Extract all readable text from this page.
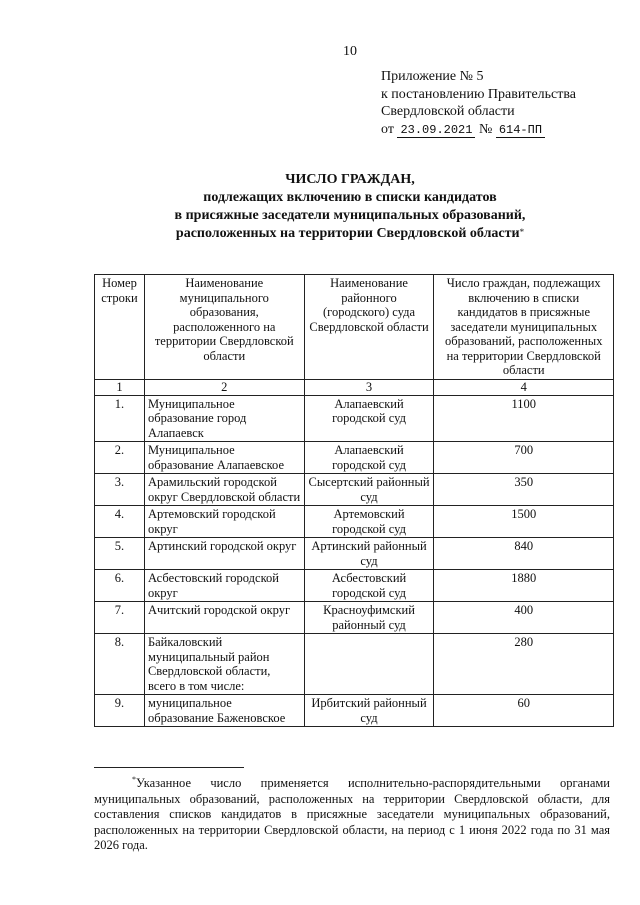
10
Приложение № 5
к постановлению Правительства
Свердловской области
от 23.09.2021 № 614-ПП
ЧИСЛО ГРАЖДАН,
подлежащих включению в списки кандидатов
в присяжные заседатели муниципальных образований,
расположенных на территории Свердловской области*
Номер строки	Наименование муниципального образования, расположенного на территории Свердловской области	Наименование районного (городского) суда Свердловской области	Число граждан, подлежащих включению в списки кандидатов в присяжные заседатели муниципальных образований, расположенных на территории Свердловской области
1	2	3	4
1.	Муниципальное образование город Алапаевск	Алапаевский городской суд	1100
2.	Муниципальное образование Алапаевское	Алапаевский городской суд	700
3.	Арамильский городской округ Свердловской области	Сысертский районный суд	350
4.	Артемовский городской округ	Артемовский городской суд	1500
5.	Артинский городской округ	Артинский районный суд	840
6.	Асбестовский городской округ	Асбестовский городской суд	1880
7.	Ачитский городской округ	Красноуфимский районный суд	400
8.	Байкаловский муниципальный район Свердловской области, всего в том числе:		280
9.	муниципальное образование Баженовское	Ирбитский районный суд	60
*Указанное число применяется исполнительно-распорядительными органами муниципальных образований, расположенных на территории Свердловской области, для составления списков кандидатов в присяжные заседатели муниципальных образований, расположенных на территории Свердловской области, на период с 1 июня 2022 года по 31 мая 2026 года.
